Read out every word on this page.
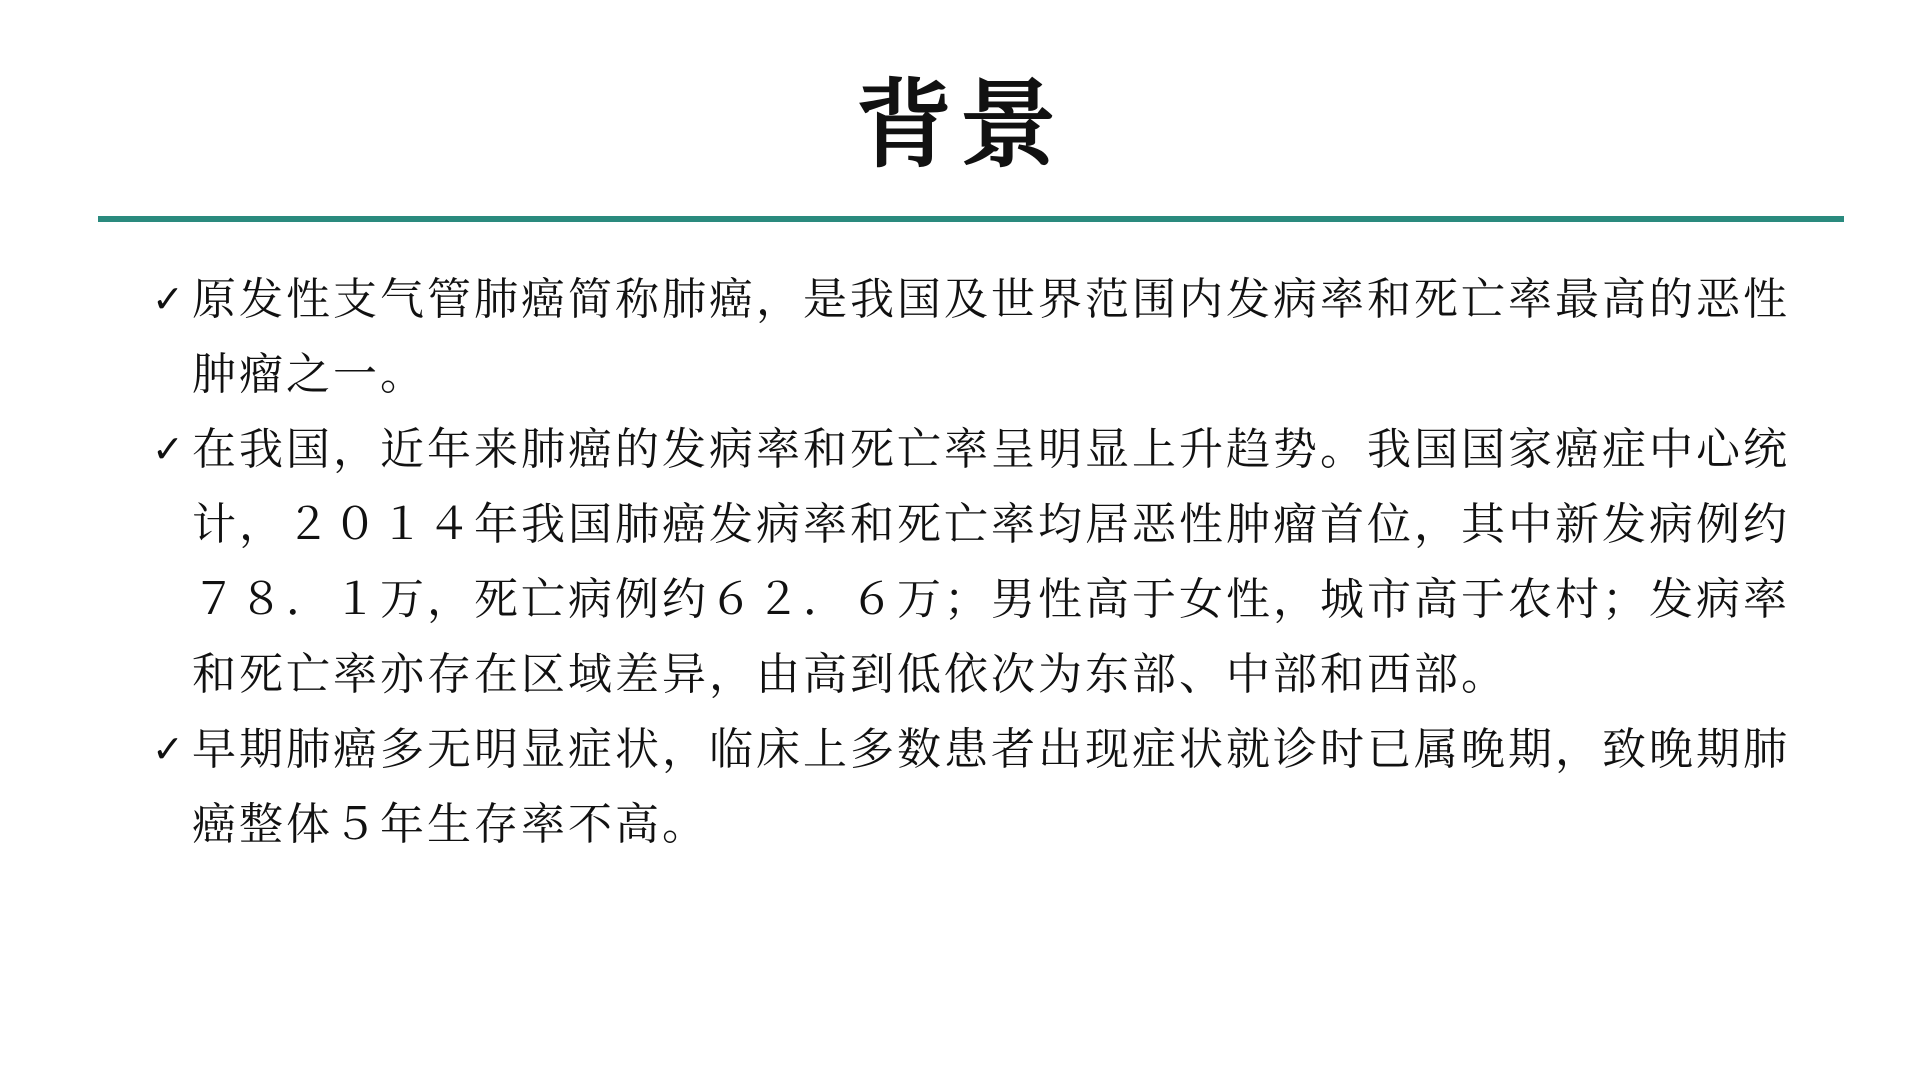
背景

✓ 原发性支气管肺癌简称肺癌，是我国及世界范围内发病率和死亡率最高的恶性肿瘤之一。

✓ 在我国，近年来肺癌的发病率和死亡率呈明显上升趋势。我国国家癌症中心统计，２０１４年我国肺癌发病率和死亡率均居恶性肿瘤首位，其中新发病例约７８．１万，死亡病例约６２．６万；男性高于女性，城市高于农村；发病率和死亡率亦存在区域差异，由高到低依次为东部、中部和西部。

✓ 早期肺癌多无明显症状，临床上多数患者出现症状就诊时已属晚期，致晚期肺癌整体５年生存率不高。
